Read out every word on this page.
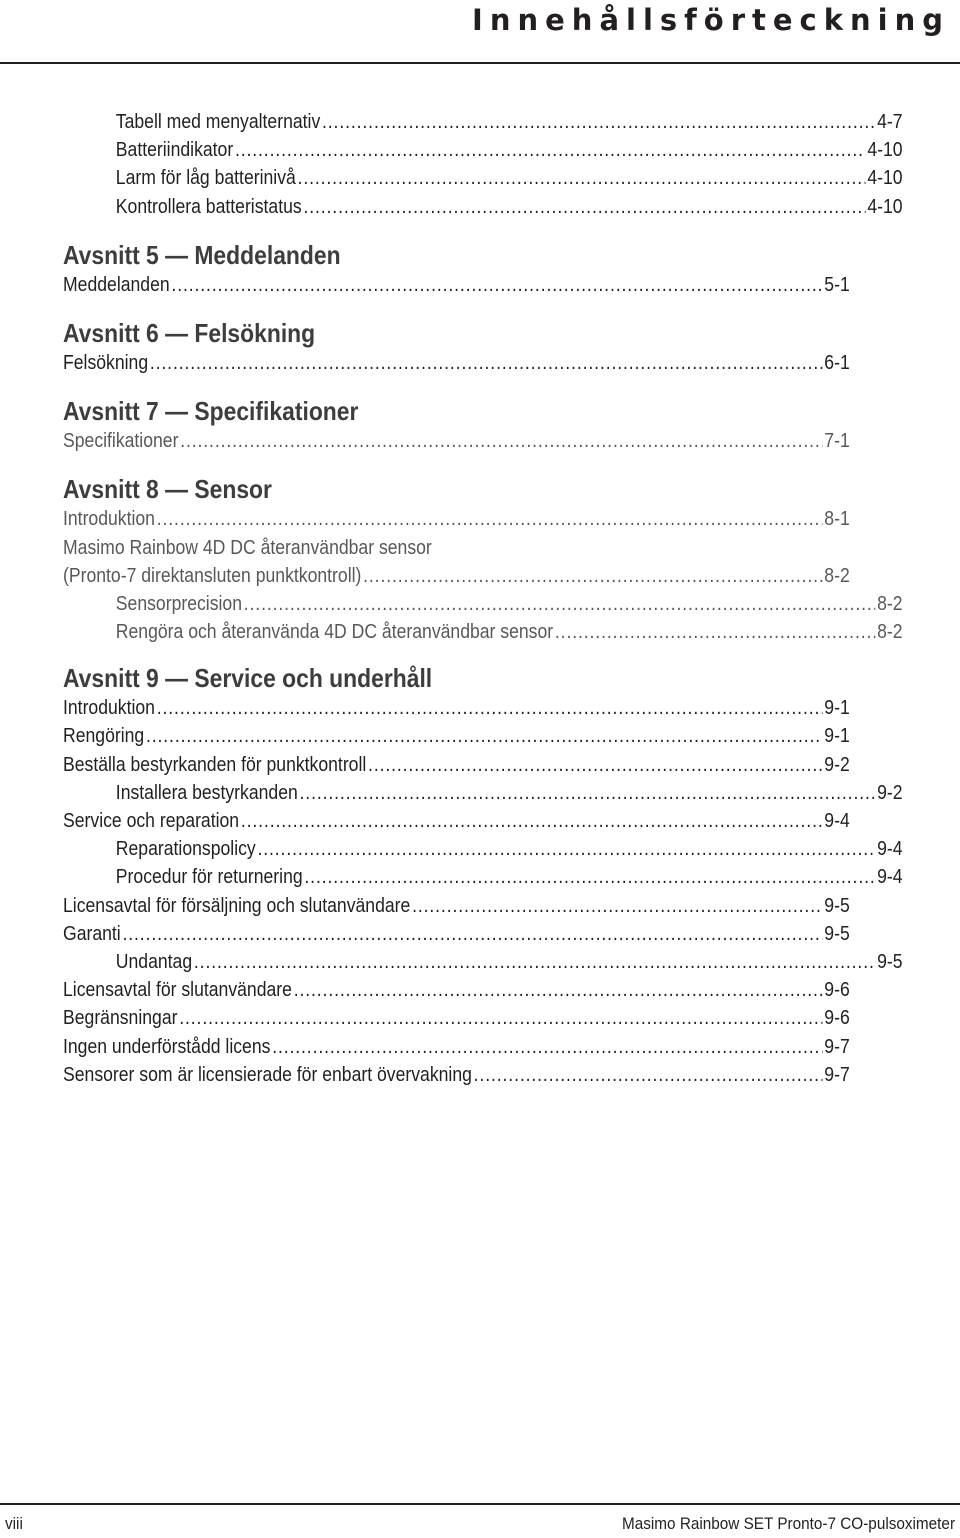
Innehållsförteckning
Tabell med menyalternativ .....	4-7
Batteriindikator .....	4-10
Larm för låg batterinivå .....	4-10
Kontrollera batteristatus .....	4-10
Avsnitt 5 — Meddelanden
Meddelanden .....	5-1
Avsnitt 6 — Felsökning
Felsökning .....	6-1
Avsnitt 7 — Specifikationer
Specifikationer .....	7-1
Avsnitt 8 — Sensor
Introduktion .....	8-1
Masimo Rainbow 4D DC återanvändbar sensor
(Pronto-7 direktansluten punktkontroll) .....	8-2
Sensorprecision .....	8-2
Rengöra och återanvända 4D DC återanvändbar sensor .....	8-2
Avsnitt 9 — Service och underhåll
Introduktion .....	9-1
Rengöring .....	9-1
Beställa bestyrkanden för punktkontroll .....	9-2
Installera bestyrkanden .....	9-2
Service och reparation .....	9-4
Reparationspolicy .....	9-4
Procedur för returnering .....	9-4
Licensavtal för försäljning och slutanvändare .....	9-5
Garanti .....	9-5
Undantag .....	9-5
Licensavtal för slutanvändare .....	9-6
Begränsningar .....	9-6
Ingen underförstådd licens .....	9-7
Sensorer som är licensierade för enbart övervakning .....	9-7
viii	Masimo Rainbow SET Pronto-7 CO-pulsoximeter
